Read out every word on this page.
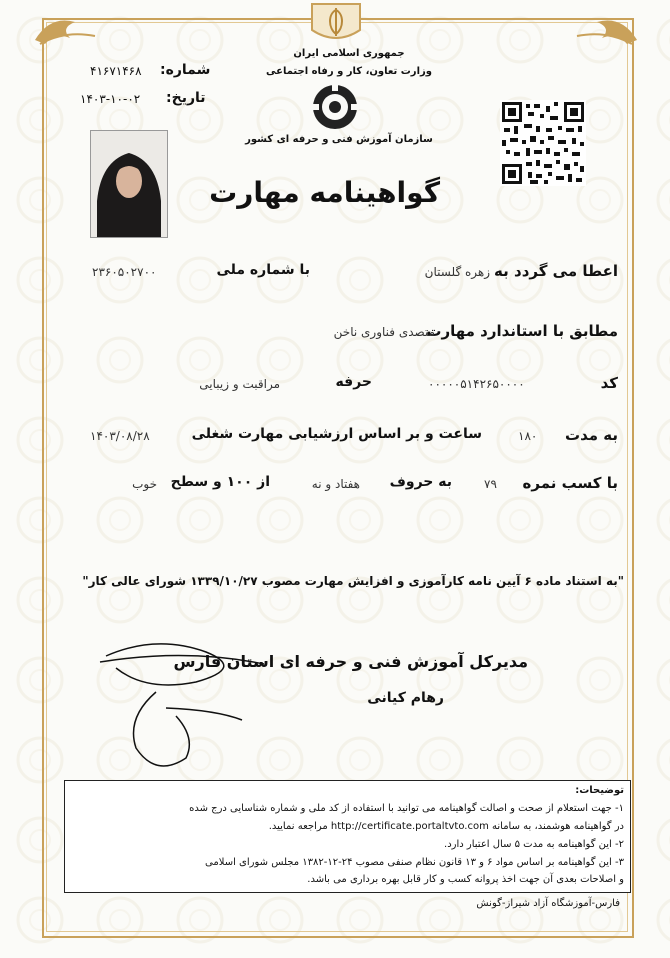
جمهوری اسلامی ایران
وزارت تعاون، کار و رفاه اجتماعی
سازمان آموزش فنی و حرفه ای کشور
شماره:
۴۱۶۷۱۴۶۸
تاریخ:
۱۴۰۳-۱۰-۰۲
گواهینامه مهارت
اعطا می گردد به
زهره گلستان
با شماره ملی
۲۳۶۰۵۰۲۷۰۰
مطابق با استاندارد مهارت
متصدی فناوری ناخن
کد
۰۰۰۰۰۵۱۴۲۶۵۰۰۰۰
حرفه
مراقبت و زیبایی
به مدت
۱۸۰
ساعت و بر اساس ارزشیابی مهارت شغلی
۱۴۰۳/۰۸/۲۸
با کسب نمره
۷۹
به حروف
هفتاد و نه
از ۱۰۰ و سطح
خوب
"به استناد ماده ۶ آیین نامه کارآموزی و افزایش مهارت مصوب ۱۳۳۹/۱۰/۲۷ شورای عالی کار"
مدیرکل آموزش فنی و حرفه ای استان فارس
رهام کیانی
توضیحات:
۱- جهت استعلام از صحت و اصالت گواهینامه می توانید با استفاده از کد ملی و شماره شناسایی درج شده
در گواهینامه هوشمند، به سامانه http://certificate.portaltvto.com مراجعه نمایید.
۲- این گواهینامه به مدت ۵ سال اعتبار دارد.
۳- این گواهینامه بر اساس مواد ۶ و ۱۳ قانون نظام صنفی مصوب ۲۴-۱۲-۱۳۸۲ مجلس شورای اسلامی
و اصلاحات بعدی آن جهت اخذ پروانه کسب و کار قابل بهره برداری می باشد.
فارس-آموزشگاه آزاد شیراز-گونش
